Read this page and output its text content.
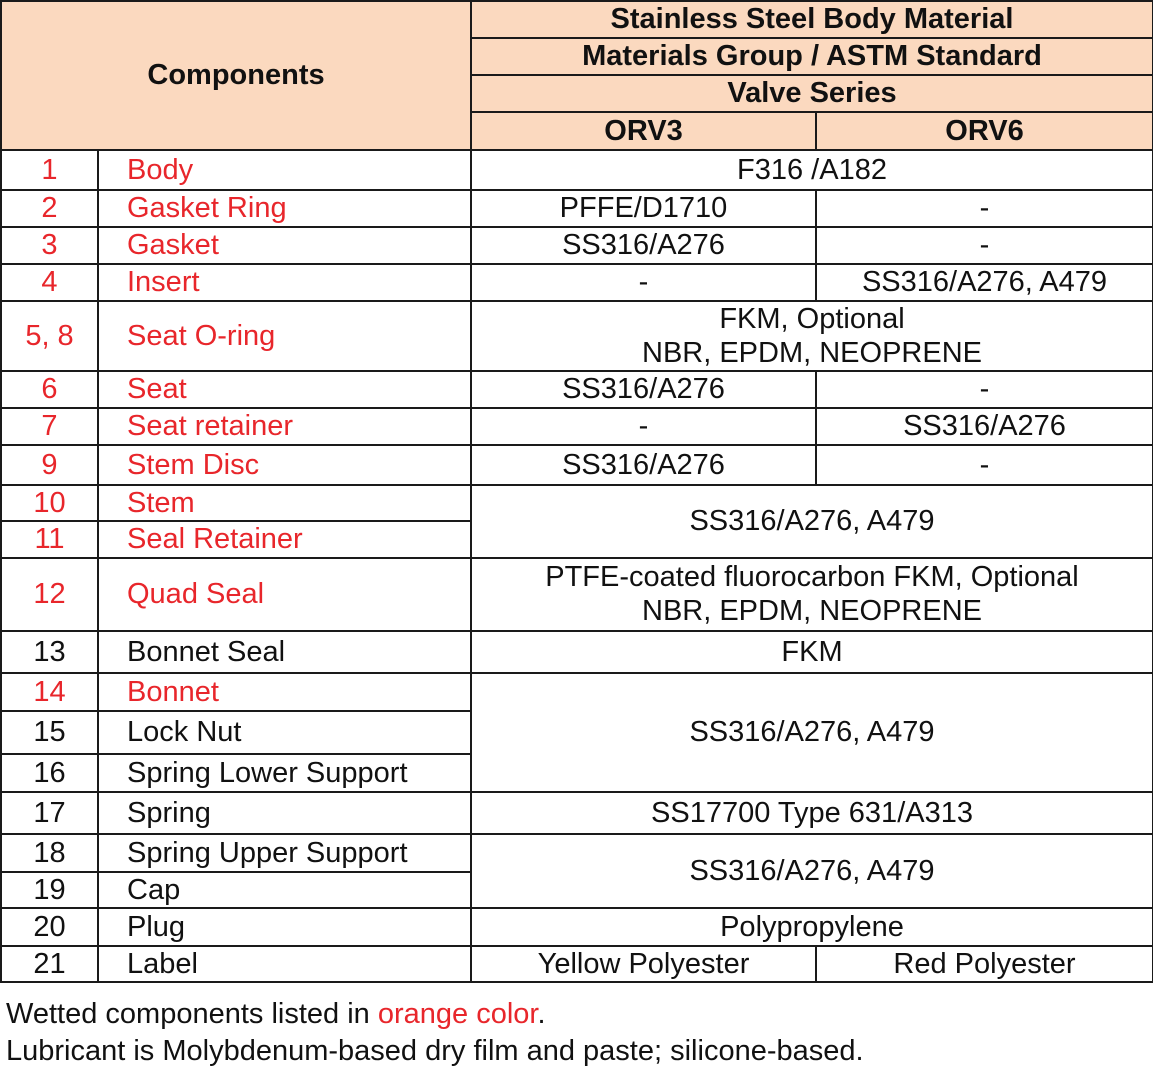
Components		Stainless Steel Body Material	
		Materials Group / ASTM Standard	
		Valve Series	
		ORV3	ORV6
1	Body	F316 /A182	
2	Gasket Ring	PFFE/D1710	-
3	Gasket	SS316/A276	-
4	Insert	-	SS316/A276, A479
5, 8	Seat O-ring	FKM, Optional
NBR, EPDM, NEOPRENE	

6	Seat	SS316/A276	-
7	Seat retainer	-	SS316/A276
9	Stem Disc	SS316/A276	-
10	Stem	SS316/A276, A479	
11	Seal Retainer		
12	Quad Seal	PTFE-coated fluorocarbon FKM, Optional
NBR, EPDM, NEOPRENE	

13	Bonnet Seal	FKM	
14	Bonnet	SS316/A276, A479	
15	Lock Nut		
16	Spring Lower Support		
17	Spring	SS17700 Type 631/A313	
18	Spring Upper Support	SS316/A276, A479	
19	Cap		
20	Plug	Polypropylene	
21	Label	Yellow Polyester	Red Polyester
Wetted components listed in orange color.
Lubricant is Molybdenum-based dry film and paste; silicone-based.
